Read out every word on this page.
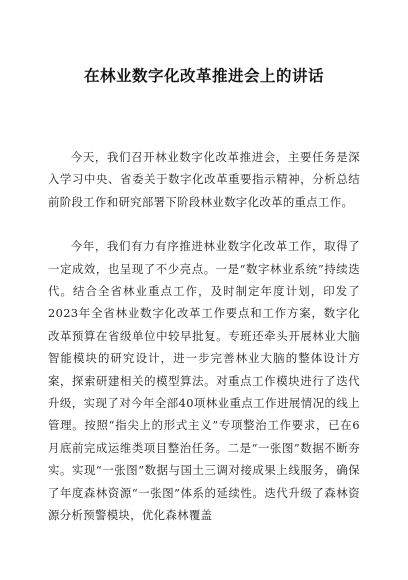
在林业数字化改革推进会上的讲话

今天，我们召开林业数字化改革推进会，主要任务是深入学习中央、省委关于数字化改革重要指示精神，分析总结前阶段工作和研究部署下阶段林业数字化改革的重点工作。

今年，我们有力有序推进林业数字化改革工作，取得了一定成效，也呈现了不少亮点。一是“数字林业系统”持续迭代。结合全省林业重点工作，及时制定年度计划，印发了2023年全省林业数字化改革工作要点和工作方案，数字化改革预算在省级单位中较早批复。专班还牵头开展林业大脑智能模块的研究设计，进一步完善林业大脑的整体设计方案，探索研建相关的模型算法。对重点工作模块进行了迭代升级，实现了对今年全部40项林业重点工作进展情况的线上管理。按照“指尖上的形式主义”专项整治工作要求，已在6月底前完成运维类项目整治任务。二是“一张图”数据不断夯实。实现“一张图”数据与国土三调对接成果上线服务，确保了年度森林资源“一张图”体系的延续性。迭代升级了森林资源分析预警模块，优化森林覆盖
